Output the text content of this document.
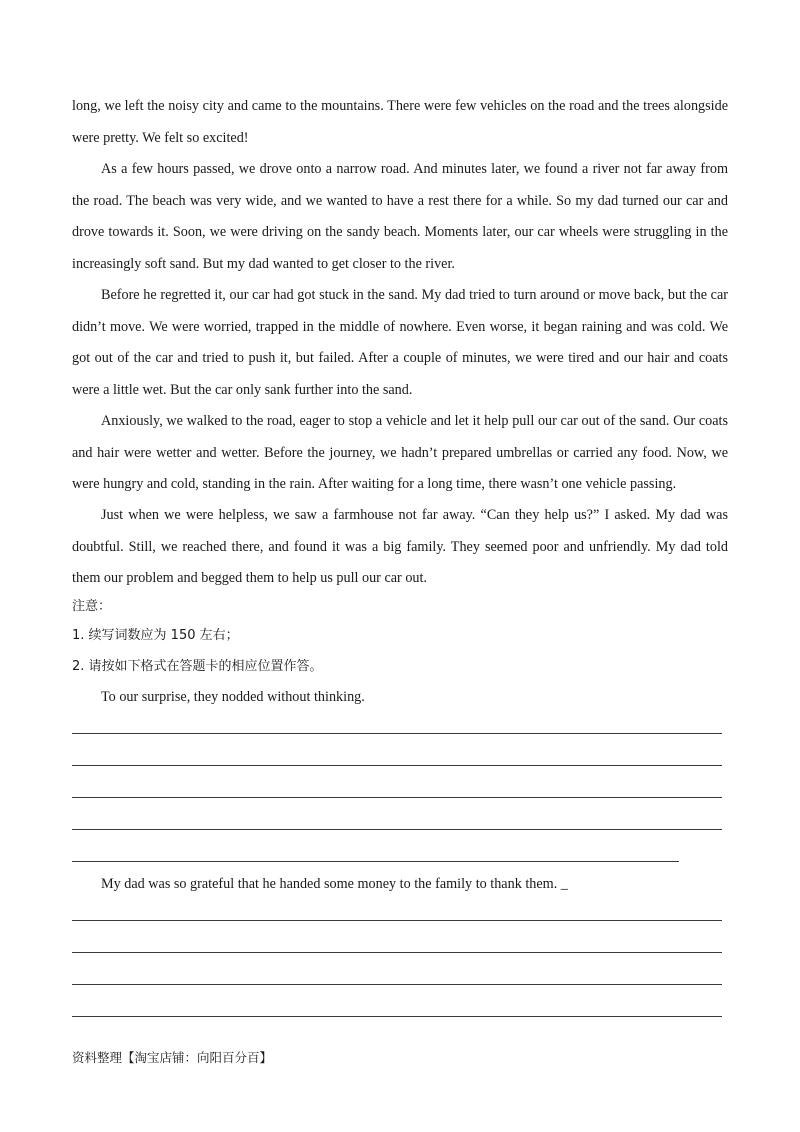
long, we left the noisy city and came to the mountains. There were few vehicles on the road and the trees alongside were pretty. We felt so excited!

As a few hours passed, we drove onto a narrow road. And minutes later, we found a river not far away from the road. The beach was very wide, and we wanted to have a rest there for a while. So my dad turned our car and drove towards it. Soon, we were driving on the sandy beach. Moments later, our car wheels were struggling in the increasingly soft sand. But my dad wanted to get closer to the river.

Before he regretted it, our car had got stuck in the sand. My dad tried to turn around or move back, but the car didn’t move. We were worried, trapped in the middle of nowhere. Even worse, it began raining and was cold. We got out of the car and tried to push it, but failed. After a couple of minutes, we were tired and our hair and coats were a little wet. But the car only sank further into the sand.

Anxiously, we walked to the road, eager to stop a vehicle and let it help pull our car out of the sand. Our coats and hair were wetter and wetter. Before the journey, we hadn’t prepared umbrellas or carried any food. Now, we were hungry and cold, standing in the rain. After waiting for a long time, there wasn’t one vehicle passing.

Just when we were helpless, we saw a farmhouse not far away. “Can they help us?” I asked. My dad was doubtful. Still, we reached there, and found it was a big family. They seemed poor and unfriendly. My dad told them our problem and begged them to help us pull our car out.

注意：
1. 续写词数应为 150 左右；
2. 请按如下格式在答题卡的相应位置作答。
To our surprise, they nodded without thinking.
My dad was so grateful that he handed some money to the family to thank them. _
资料整理【淘宝店铺：向阳百分百】
